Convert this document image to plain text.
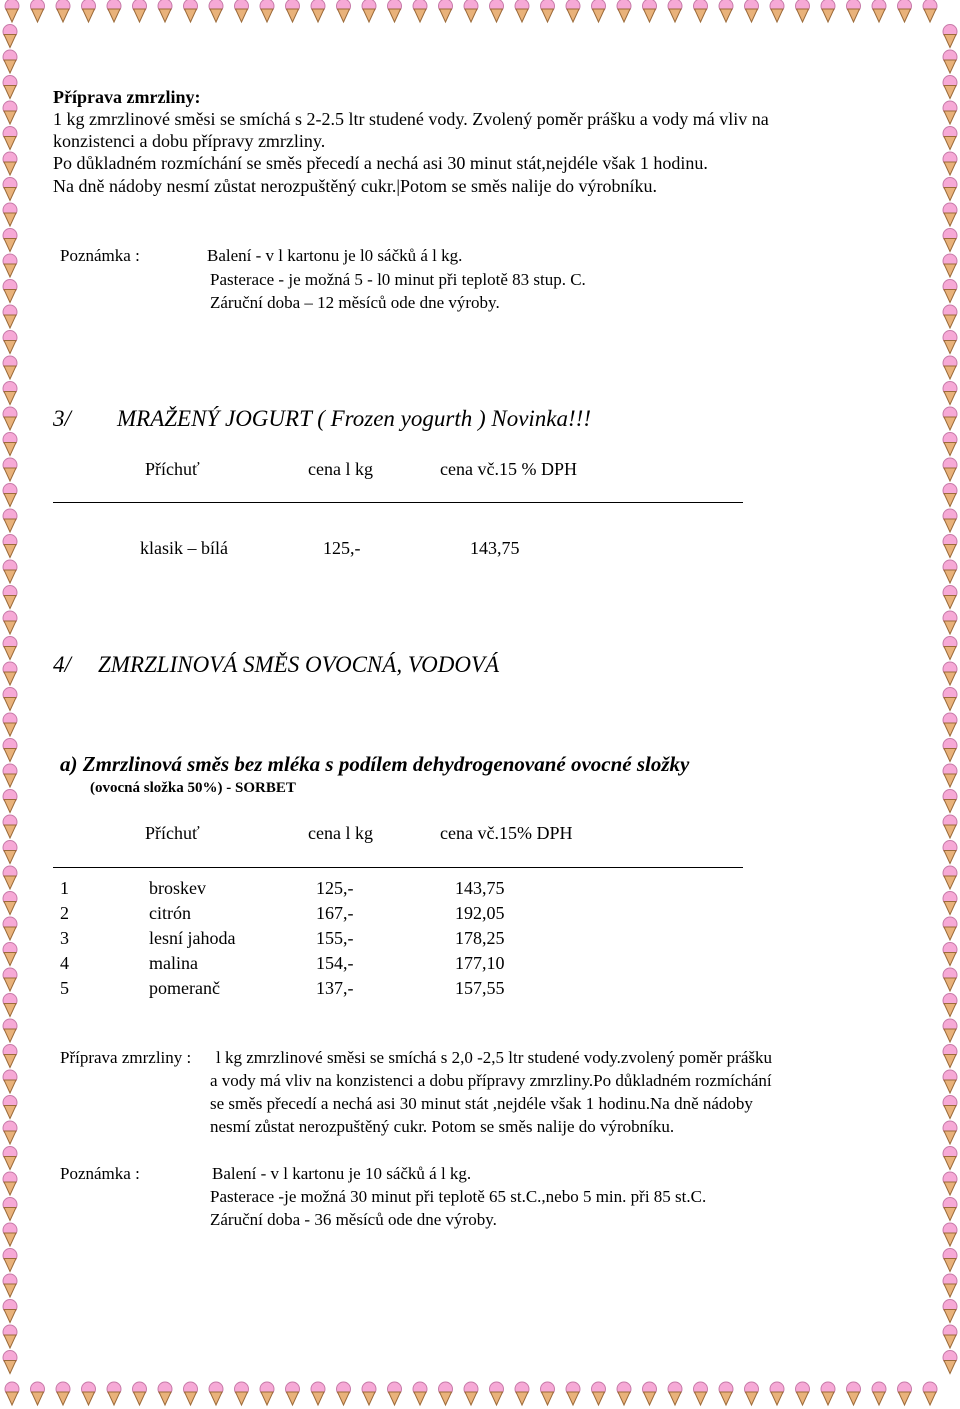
Příprava zmrzliny:
1 kg zmrzlinové směsi se smíchá s 2-2.5 ltr studené vody. Zvolený poměr prášku a vody má vliv na
konzistenci a dobu přípravy zmrzliny.
Po důkladném rozmíchání se směs přecedí a nechá asi 30 minut stát,nejdéle však 1 hodinu.
Na dně nádoby nesmí zůstat nerozpuštěný cukr.|Potom se směs nalije do výrobníku.
Poznámka :	Balení - v l kartonu je l0 sáčků á l kg.
Pasterace - je možná 5 - l0 minut při teplotě 83 stup. C.
Záruční doba – 12 měsíců ode dne výroby.
3/ MRAŽENÝ JOGURT ( Frozen yogurth ) Novinka!!!
Příchuť	cena l kg	cena vč.15 % DPH
klasik – bílá	125,-	143,75
4/ ZMRZLINOVÁ SMĚS OVOCNÁ, VODOVÁ
a) Zmrzlinová směs bez mléka s podílem dehydrogenované ovocné složky
(ovocná složka 50%) - SORBET
Příchuť	cena l kg	cena vč.15% DPH
1	broskev	125,-	143,75
2	citrón	167,-	192,05
3	lesní jahoda	155,-	178,25
4	malina	154,-	177,10
5	pomeranč	137,-	157,55
Příprava zmrzliny : l kg zmrzlinové směsi se smíchá s 2,0 -2,5 ltr studené vody.zvolený poměr prášku
a vody má vliv na konzistenci a dobu přípravy zmrzliny.Po důkladném rozmíchání
se směs přecedí a nechá asi 30 minut stát ,nejdéle však 1 hodinu.Na dně nádoby
nesmí zůstat nerozpuštěný cukr. Potom se směs nalije do výrobníku.
Poznámka :	Balení - v l kartonu je 10 sáčků á l kg.
Pasterace -je možná 30 minut při teplotě 65 st.C.,nebo 5 min. při 85 st.C.
Záruční doba - 36 měsíců ode dne výroby.
